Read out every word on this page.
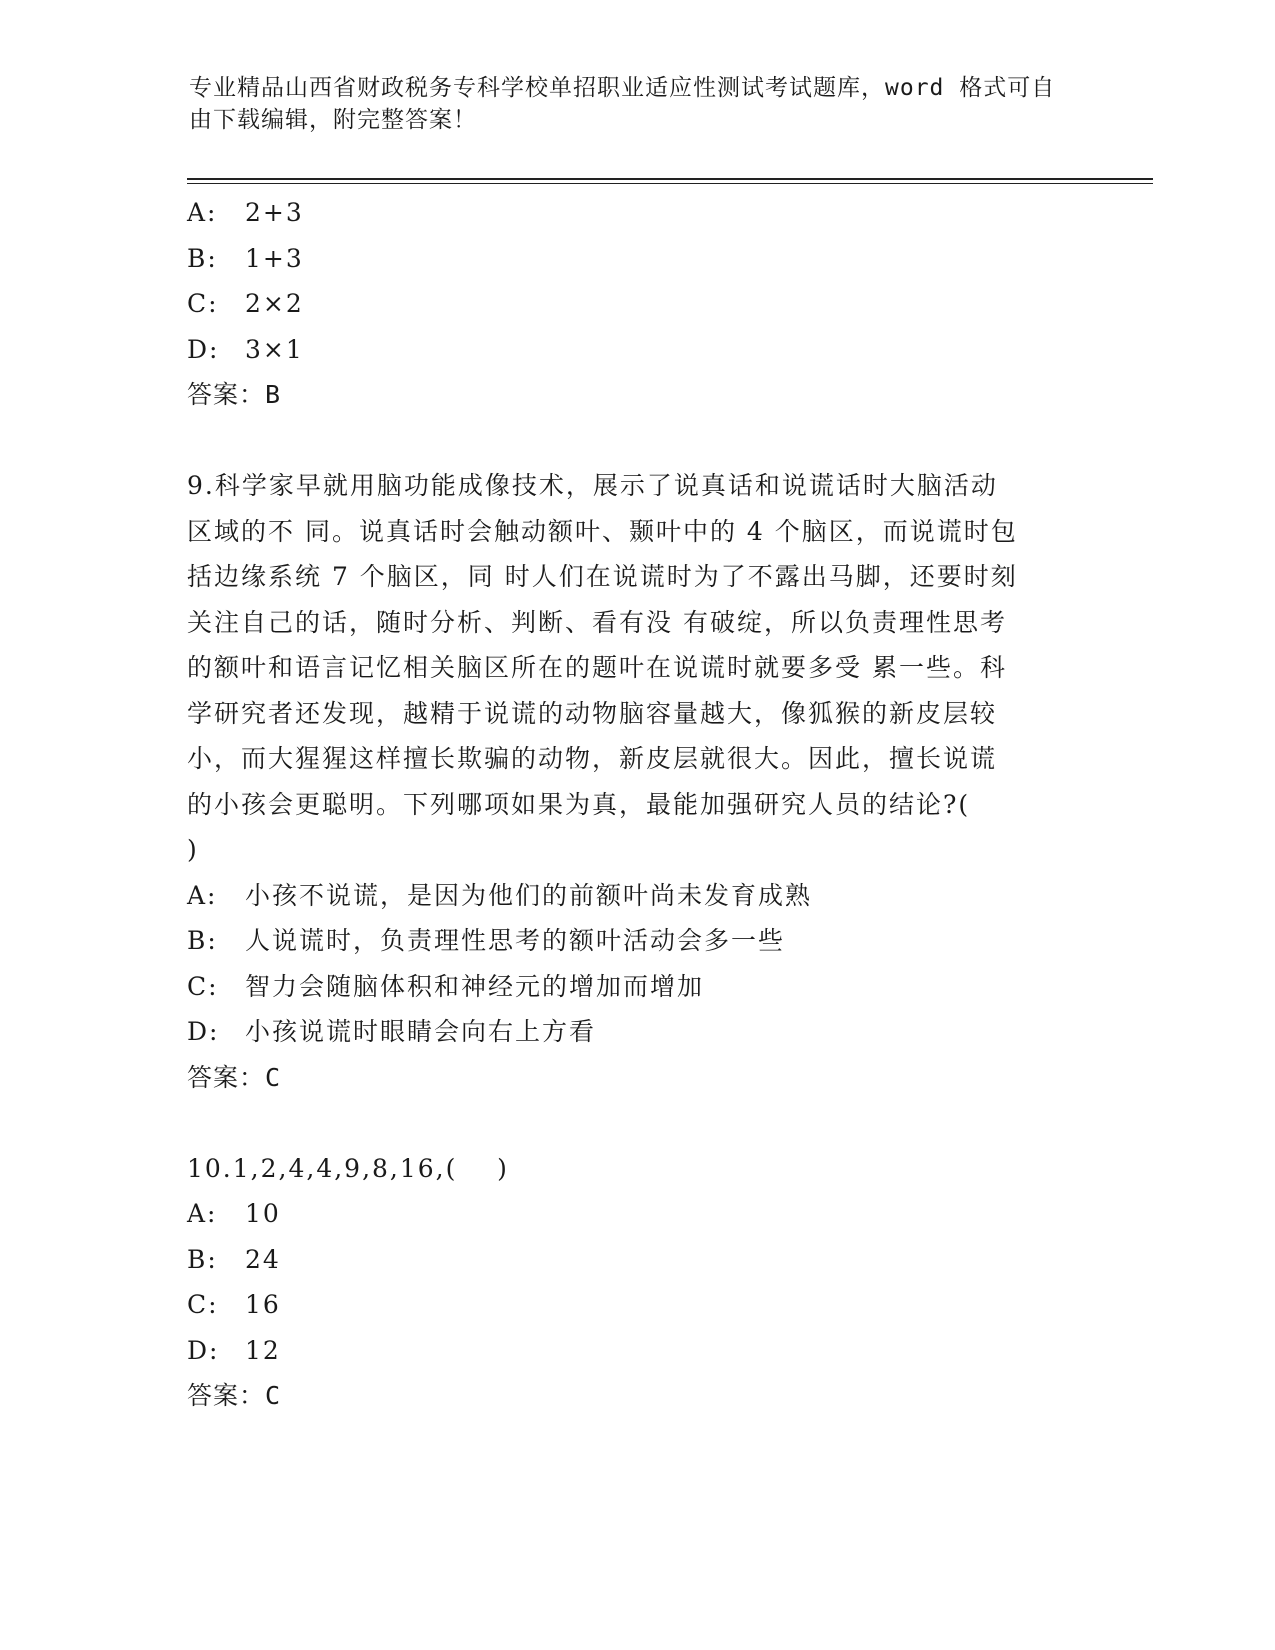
专业精品山西省财政税务专科学校单招职业适应性测试考试题库，word 格式可自
由下载编辑，附完整答案！
A: 2+3
B: 1+3
C: 2×2
D: 3×1
答案：B
9.科学家早就用脑功能成像技术，展示了说真话和说谎话时大脑活动
区域的不 同。说真话时会触动额叶、颞叶中的 4 个脑区，而说谎时包
括边缘系统 7 个脑区，同 时人们在说谎时为了不露出马脚，还要时刻
关注自己的话，随时分析、判断、看有没 有破绽，所以负责理性思考
的额叶和语言记忆相关脑区所在的题叶在说谎时就要多受 累一些。科
学研究者还发现，越精于说谎的动物脑容量越大，像狐猴的新皮层较
小，而大猩猩这样擅长欺骗的动物，新皮层就很大。因此，擅长说谎
的小孩会更聪明。下列哪项如果为真，最能加强研究人员的结论?(
)
A: 小孩不说谎，是因为他们的前额叶尚未发育成熟
B: 人说谎时，负责理性思考的额叶活动会多一些
C: 智力会随脑体积和神经元的增加而增加
D: 小孩说谎时眼睛会向右上方看
答案：C
10.1,2,4,4,9,8,16,(    )
A: 10
B: 24
C: 16
D: 12
答案：C
